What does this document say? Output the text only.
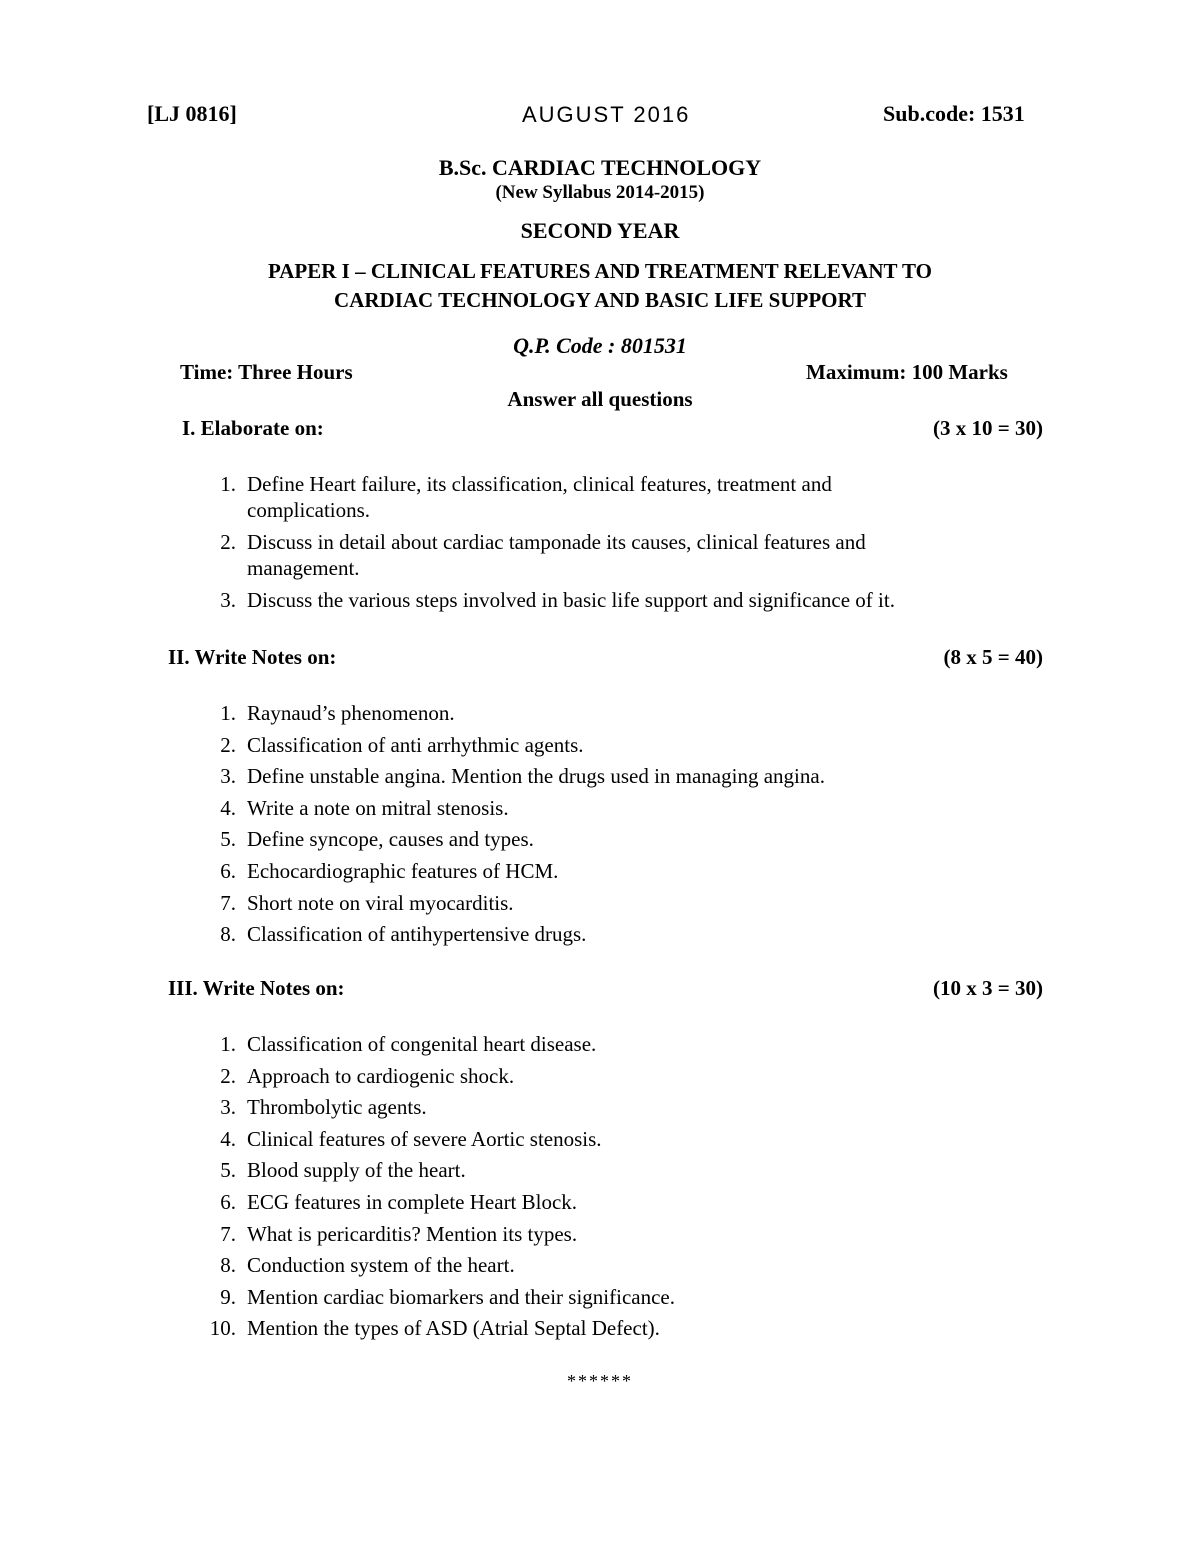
[LJ 0816]	AUGUST 2016	Sub.code: 1531
B.Sc. CARDIAC TECHNOLOGY
(New Syllabus 2014-2015)
SECOND YEAR
PAPER I – CLINICAL FEATURES AND TREATMENT RELEVANT TO
CARDIAC TECHNOLOGY AND BASIC LIFE SUPPORT
Q.P. Code : 801531
Time: Three Hours	Maximum: 100 Marks
Answer all questions
I. Elaborate on:	(3 x 10 = 30)
1. Define Heart failure, its classification, clinical features, treatment and complications.
2. Discuss in detail about cardiac tamponade its causes, clinical features and management.
3. Discuss the various steps involved in basic life support and significance of it.
II. Write Notes on:	(8 x 5 = 40)
1. Raynaud’s phenomenon.
2. Classification of anti arrhythmic agents.
3. Define unstable angina. Mention the drugs used in managing angina.
4. Write a note on mitral stenosis.
5. Define syncope, causes and types.
6. Echocardiographic features of HCM.
7. Short note on viral myocarditis.
8. Classification of antihypertensive drugs.
III. Write Notes on:	(10 x 3 = 30)
1. Classification of congenital heart disease.
2. Approach to cardiogenic shock.
3. Thrombolytic agents.
4. Clinical features of severe Aortic stenosis.
5. Blood supply of the heart.
6. ECG features in complete Heart Block.
7. What is pericarditis? Mention its types.
8. Conduction system of the heart.
9. Mention cardiac biomarkers and their significance.
10. Mention the types of ASD (Atrial Septal Defect).
******
